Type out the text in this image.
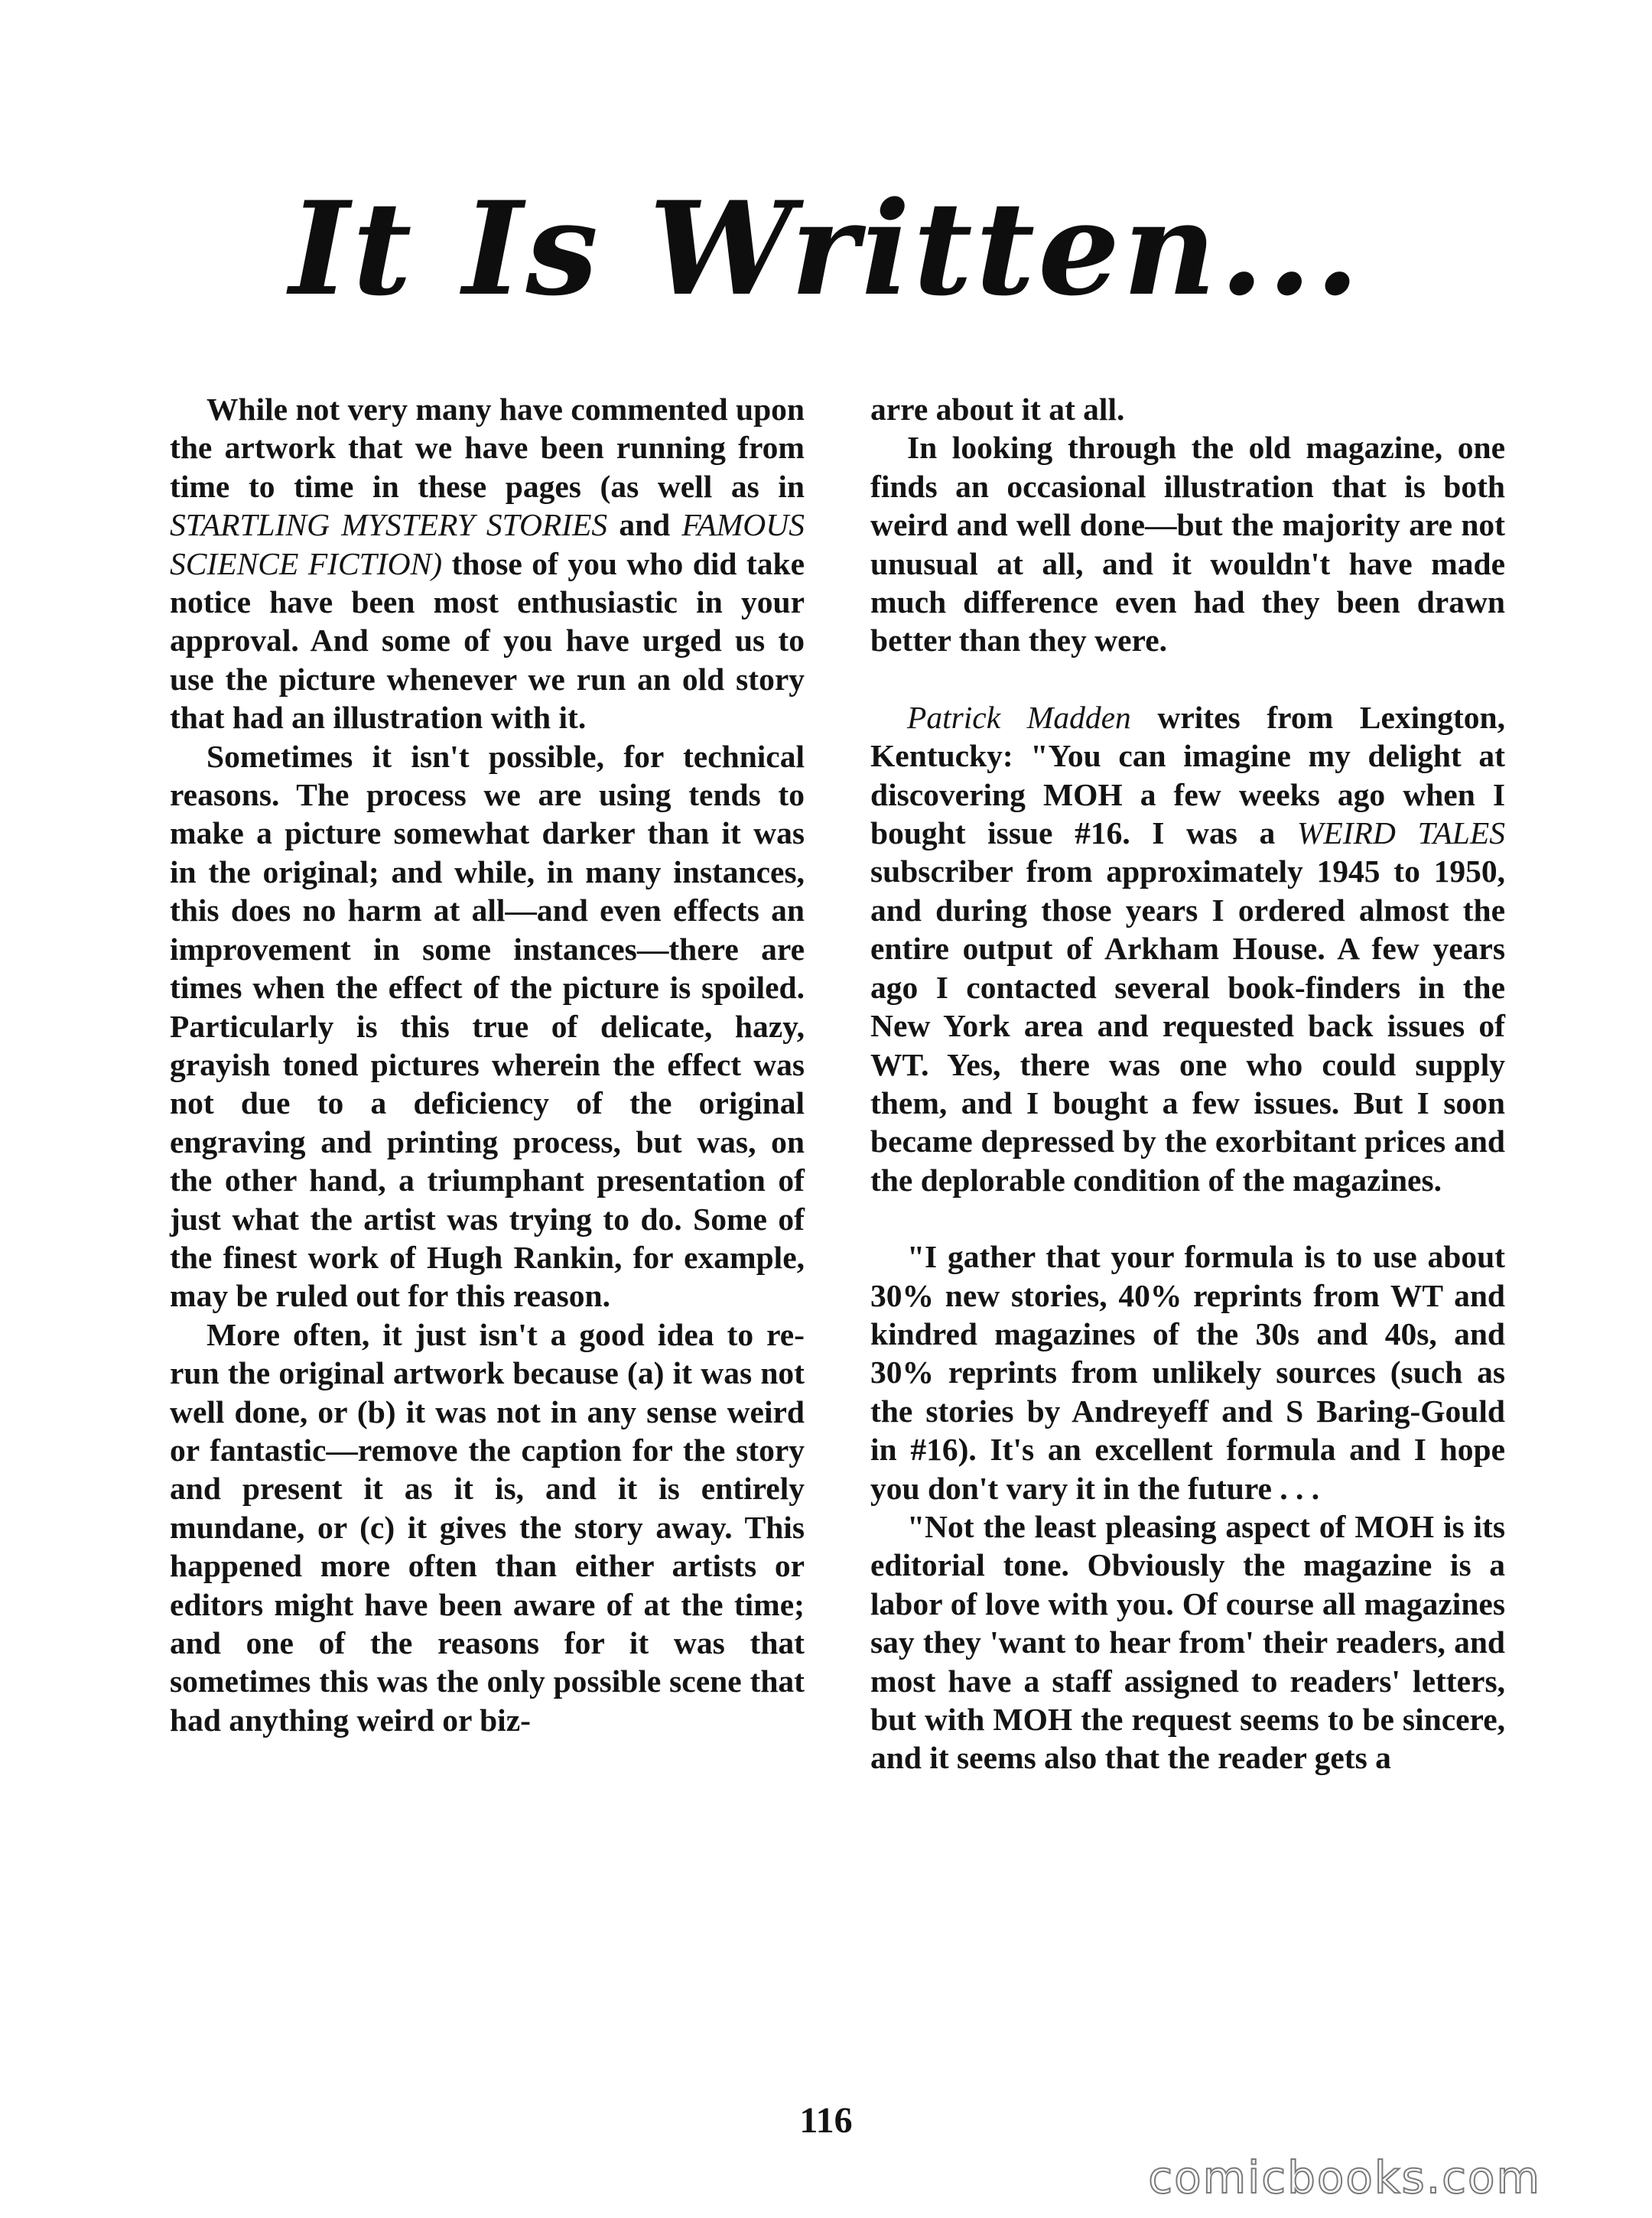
It Is Written...

While not very many have commented upon the artwork that we have been running from time to time in these pages (as well as in STARTLING MYSTERY STORIES and FAMOUS SCIENCE FICTION) those of you who did take notice have been most enthusiastic in your approval. And some of you have urged us to use the picture whenever we run an old story that had an illustration with it.

Sometimes it isn't possible, for technical reasons. The process we are using tends to make a picture somewhat darker than it was in the original; and while, in many instances, this does no harm at all—and even effects an improvement in some instances—there are times when the effect of the picture is spoiled. Particularly is this true of delicate, hazy, grayish toned pictures wherein the effect was not due to a deficiency of the original engraving and printing process, but was, on the other hand, a triumphant presentation of just what the artist was trying to do. Some of the finest work of Hugh Rankin, for example, may be ruled out for this reason.

More often, it just isn't a good idea to re-run the original artwork because (a) it was not well done, or (b) it was not in any sense weird or fantastic—remove the caption for the story and present it as it is, and it is entirely mundane, or (c) it gives the story away. This happened more often than either artists or editors might have been aware of at the time; and one of the reasons for it was that sometimes this was the only possible scene that had anything weird or biz-

arre about it at all.

In looking through the old magazine, one finds an occasional illustration that is both weird and well done—but the majority are not unusual at all, and it wouldn't have made much difference even had they been drawn better than they were.

Patrick Madden writes from Lexington, Kentucky: "You can imagine my delight at discovering MOH a few weeks ago when I bought issue #16. I was a WEIRD TALES subscriber from approximately 1945 to 1950, and during those years I ordered almost the entire output of Arkham House. A few years ago I contacted several book-finders in the New York area and requested back issues of WT. Yes, there was one who could supply them, and I bought a few issues. But I soon became depressed by the exorbitant prices and the deplorable condition of the magazines.

"I gather that your formula is to use about 30% new stories, 40% reprints from WT and kindred magazines of the 30s and 40s, and 30% reprints from unlikely sources (such as the stories by Andreyeff and S Baring-Gould in #16). It's an excellent formula and I hope you don't vary it in the future . . .

"Not the least pleasing aspect of MOH is its editorial tone. Obviously the magazine is a labor of love with you. Of course all magazines say they 'want to hear from' their readers, and most have a staff assigned to readers' letters, but with MOH the request seems to be sincere, and it seems also that the reader gets a

116
comicbooks.com
